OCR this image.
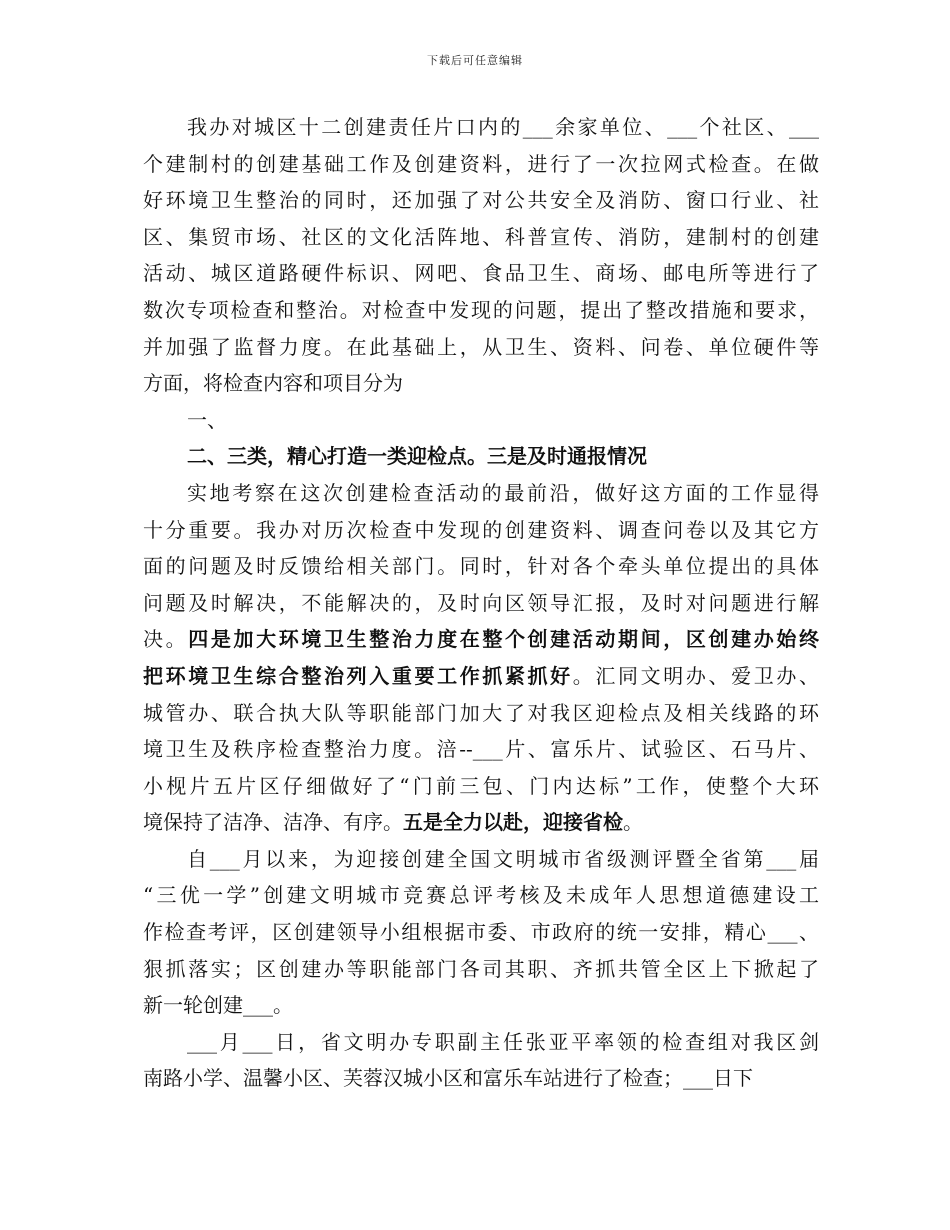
下载后可任意编辑
我办对城区十二创建责任片口内的___余家单位、___个社区、___
个建制村的创建基础工作及创建资料，进行了一次拉网式检查。在做
好环境卫生整治的同时，还加强了对公共安全及消防、窗口行业、社
区、集贸市场、社区的文化活阵地、科普宣传、消防，建制村的创建
活动、城区道路硬件标识、网吧、食品卫生、商场、邮电所等进行了
数次专项检查和整治。对检查中发现的问题，提出了整改措施和要求，
并加强了监督力度。在此基础上，从卫生、资料、问卷、单位硬件等
方面，将检查内容和项目分为
一、
二、三类，精心打造一类迎检点。三是及时通报情况
实地考察在这次创建检查活动的最前沿，做好这方面的工作显得
十分重要。我办对历次检查中发现的创建资料、调查问卷以及其它方
面的问题及时反馈给相关部门。同时，针对各个牵头单位提出的具体
问题及时解决，不能解决的，及时向区领导汇报，及时对问题进行解
决。四是加大环境卫生整治力度在整个创建活动期间，区创建办始终
把环境卫生综合整治列入重要工作抓紧抓好。汇同文明办、爱卫办、
城管办、联合执大队等职能部门加大了对我区迎检点及相关线路的环
境卫生及秩序检查整治力度。涪--___片、富乐片、试验区、石马片、
小枧片五片区仔细做好了“门前三包、门内达标”工作，使整个大环
境保持了洁净、洁净、有序。五是全力以赴，迎接省检。
自___月以来，为迎接创建全国文明城市省级测评暨全省第___届
“三优一学”创建文明城市竞赛总评考核及未成年人思想道德建设工
作检查考评，区创建领导小组根据市委、市政府的统一安排，精心___、
狠抓落实；区创建办等职能部门各司其职、齐抓共管全区上下掀起了
新一轮创建___。
___月___日，省文明办专职副主任张亚平率领的检查组对我区剑
南路小学、温馨小区、芙蓉汉城小区和富乐车站进行了检查；___日下
